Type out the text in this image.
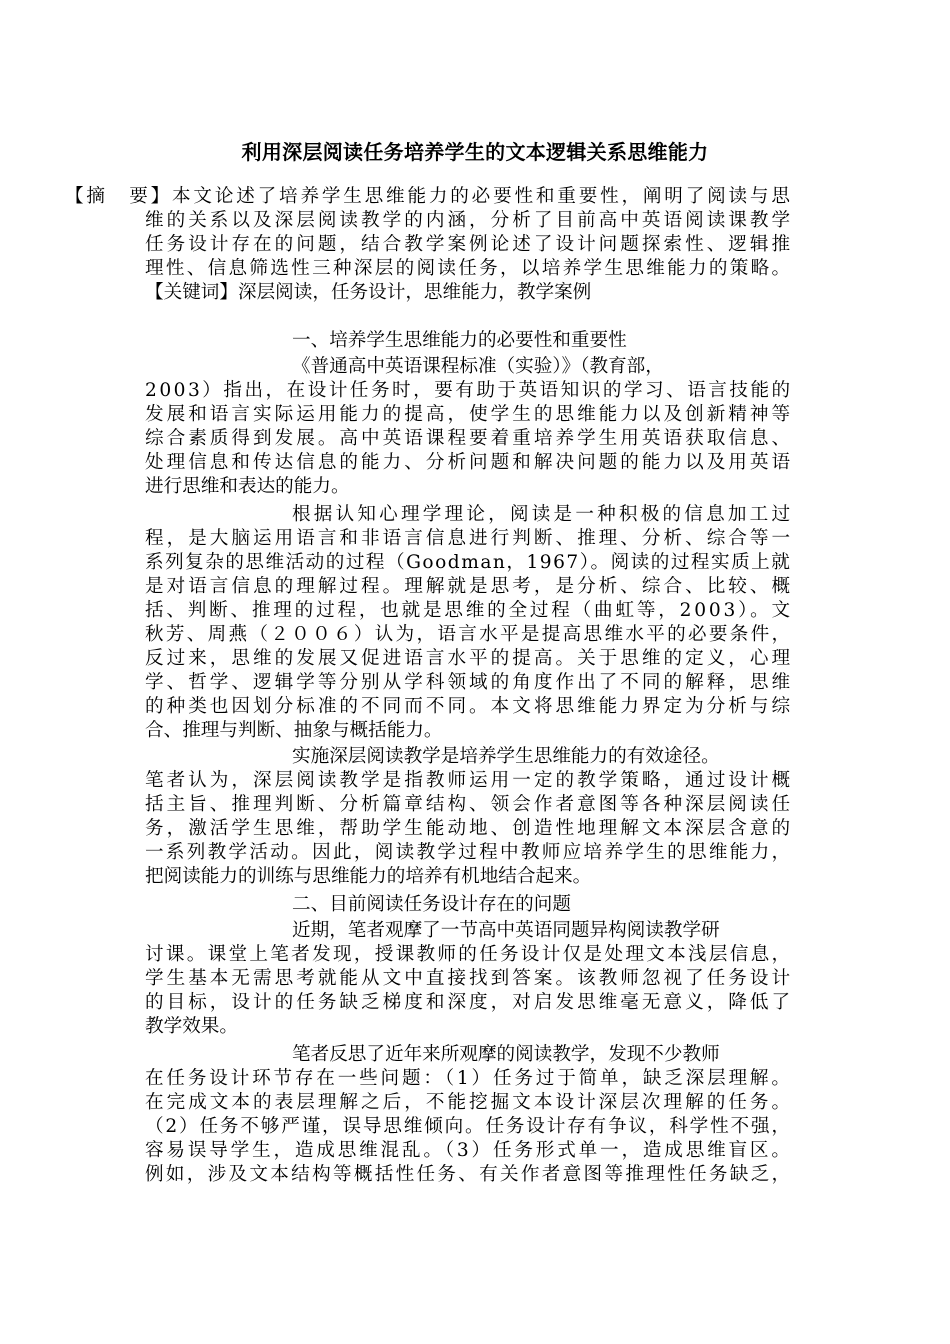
利用深层阅读任务培养学生的文本逻辑关系思维能力
【摘　要】本文论述了培养学生思维能力的必要性和重要性，阐明了阅读与思
维的关系以及深层阅读教学的内涵，分析了目前高中英语阅读课教学
任务设计存在的问题，结合教学案例论述了设计问题探索性、逻辑推
理性、信息筛选性三种深层的阅读任务，以培养学生思维能力的策略。
【关键词】深层阅读，任务设计，思维能力，教学案例
一、培养学生思维能力的必要性和重要性
《普通高中英语课程标准（实验）》（教育部，
2003）指出，在设计任务时，要有助于英语知识的学习、语言技能的
发展和语言实际运用能力的提高，使学生的思维能力以及创新精神等
综合素质得到发展。高中英语课程要着重培养学生用英语获取信息、
处理信息和传达信息的能力、分析问题和解决问题的能力以及用英语
进行思维和表达的能力。
根据认知心理学理论，阅读是一种积极的信息加工过
程，是大脑运用语言和非语言信息进行判断、推理、分析、综合等一
系列复杂的思维活动的过程（Goodman，1967）。阅读的过程实质上就
是对语言信息的理解过程。理解就是思考，是分析、综合、比较、概
括、判断、推理的过程，也就是思维的全过程（曲虹等，2003）。文
秋芳、周燕（２００６）认为，语言水平是提高思维水平的必要条件，
反过来，思维的发展又促进语言水平的提高。关于思维的定义，心理
学、哲学、逻辑学等分别从学科领域的角度作出了不同的解释，思维
的种类也因划分标准的不同而不同。本文将思维能力界定为分析与综
合、推理与判断、抽象与概括能力。
实施深层阅读教学是培养学生思维能力的有效途径。
笔者认为，深层阅读教学是指教师运用一定的教学策略，通过设计概
括主旨、推理判断、分析篇章结构、领会作者意图等各种深层阅读任
务，激活学生思维，帮助学生能动地、创造性地理解文本深层含意的
一系列教学活动。因此，阅读教学过程中教师应培养学生的思维能力，
把阅读能力的训练与思维能力的培养有机地结合起来。
二、目前阅读任务设计存在的问题
近期，笔者观摩了一节高中英语同题异构阅读教学研
讨课。课堂上笔者发现，授课教师的任务设计仅是处理文本浅层信息，
学生基本无需思考就能从文中直接找到答案。该教师忽视了任务设计
的目标，设计的任务缺乏梯度和深度，对启发思维毫无意义，降低了
教学效果。
笔者反思了近年来所观摩的阅读教学，发现不少教师
在任务设计环节存在一些问题：（1）任务过于简单，缺乏深层理解。
在完成文本的表层理解之后，不能挖掘文本设计深层次理解的任务。
（2）任务不够严谨，误导思维倾向。任务设计存有争议，科学性不强，
容易误导学生，造成思维混乱。（3）任务形式单一，造成思维盲区。
例如，涉及文本结构等概括性任务、有关作者意图等推理性任务缺乏，
